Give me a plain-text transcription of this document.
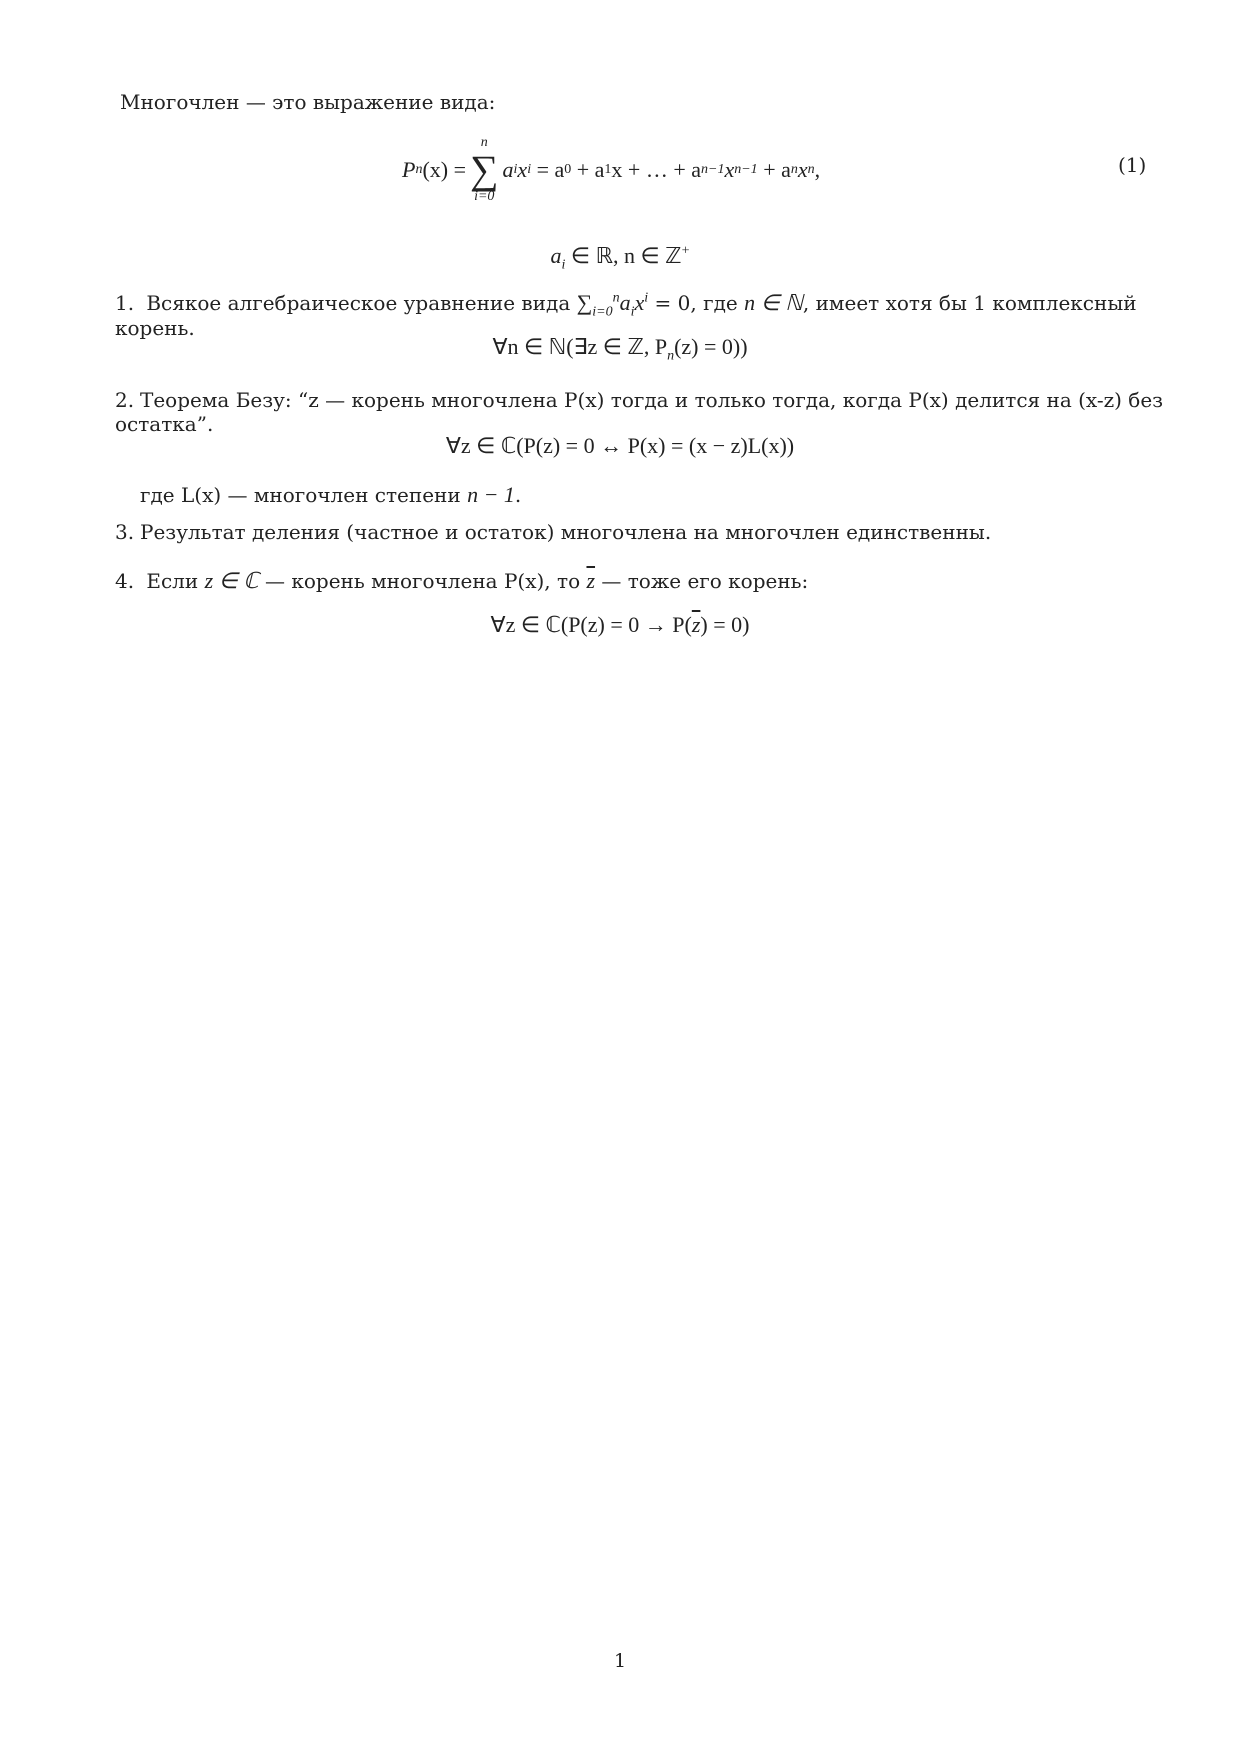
Многочлен — это выражение вида:
P n (x) =
n
∑
i=0
a i x i
= a 0
+ a 1 x + … + a n−1 x n−1
+ a n x n ,	(1)
$a_i$ ∈ ℝ, n ∈ ℤ+
1. Всякое алгебраическое уравнение вида $\sum_{i=0}^na_ix^i = 0$, где n ∈ ℕ, имеет хотя бы 1 комплексный корень.
∀n ∈ ℕ(∃z ∈ ℤ, $P_n(z) = 0$))
2. Теорема Безу: “z — корень многочлена P(x) тогда и только тогда, когда P(x) делится на (x-z) без остатка”.
∀z ∈ ℂ(P(z) = 0 ↔ P(x) = (x − z)L(x))
где L(x) — многочлен степени n − 1.
3. Результат деления (частное и остаток) многочлена на многочлен единственны.
4. Если z ∈ ℂ — корень многочлена P(x), то $\overline{z}$ — тоже его корень:
∀z ∈ ℂ(P(z) = $0 \to P(\overline{z}) = 0$)
1
